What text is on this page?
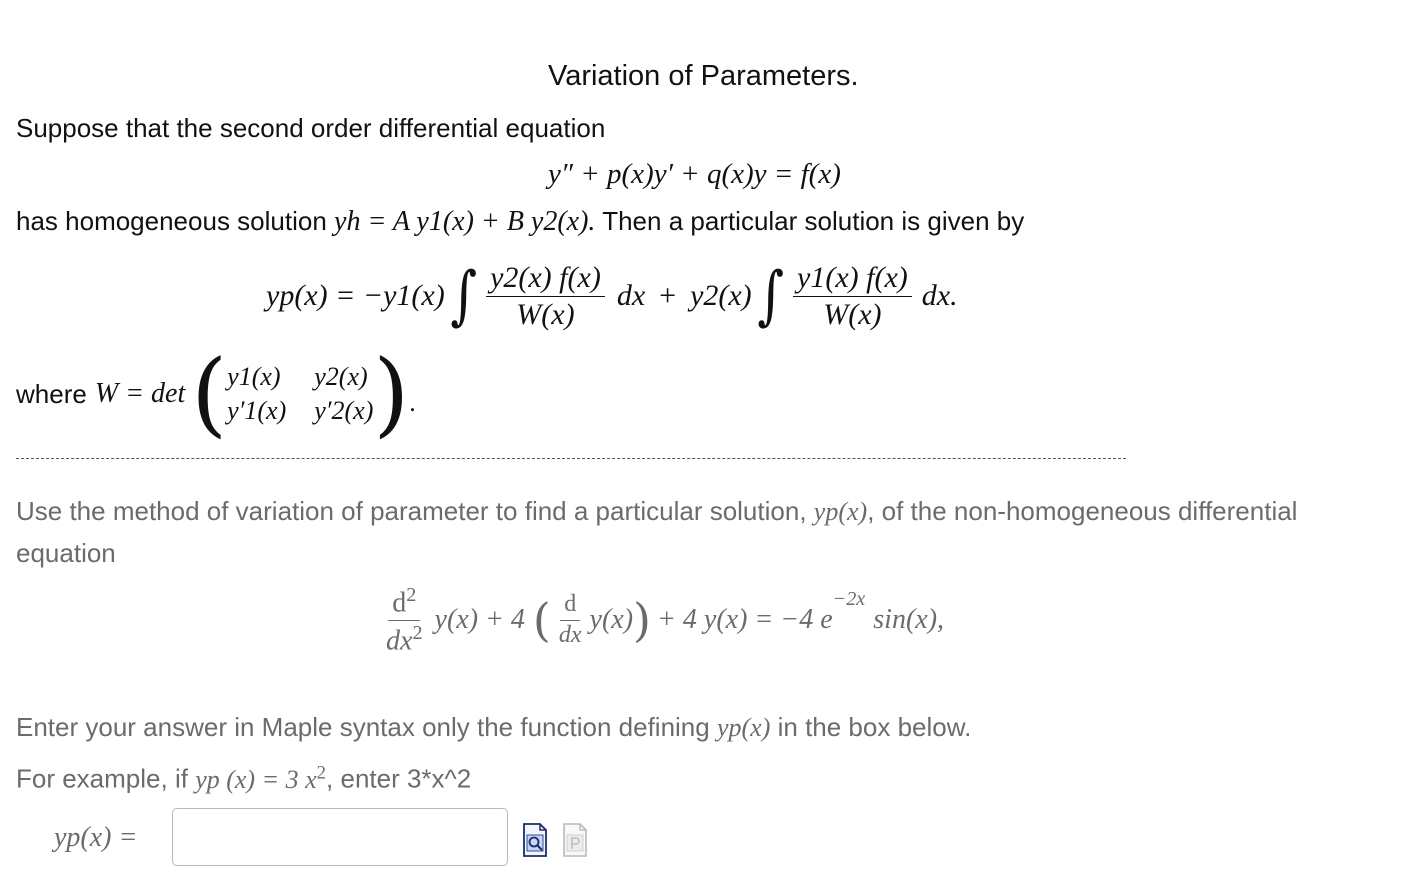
Variation of Parameters.
Suppose that the second order differential equation
y″ + p(x)y′ + q(x)y = f(x)
has homogeneous solution yh = A y1(x) + B y2(x). Then a particular solution is given by
yp(x) = −y1(x) ∫ $\frac{y2(x) f(x)}{W(x)}$ dx + y2(x) ∫ $\frac{y1(x) f(x)}{W(x)}$ dx.
where W = det ( y1(x) y2(x)
y′1(x) y′2(x) ) .
Use the method of variation of parameter to find a particular solution, yp(x), of the non-homogeneous differential
equation
$\frac{d^2}{dx^2} y(x) + 4$ ( $\frac{d}{dx} y(x)$ ) + 4 y(x) = −4 e
$^{-2x}$
sin(x),
Enter your answer in Maple syntax only the function defining yp(x) in the box below.
For example, if yp (x) = 3 $x^2$, enter 3*x^2
yp(x) =
